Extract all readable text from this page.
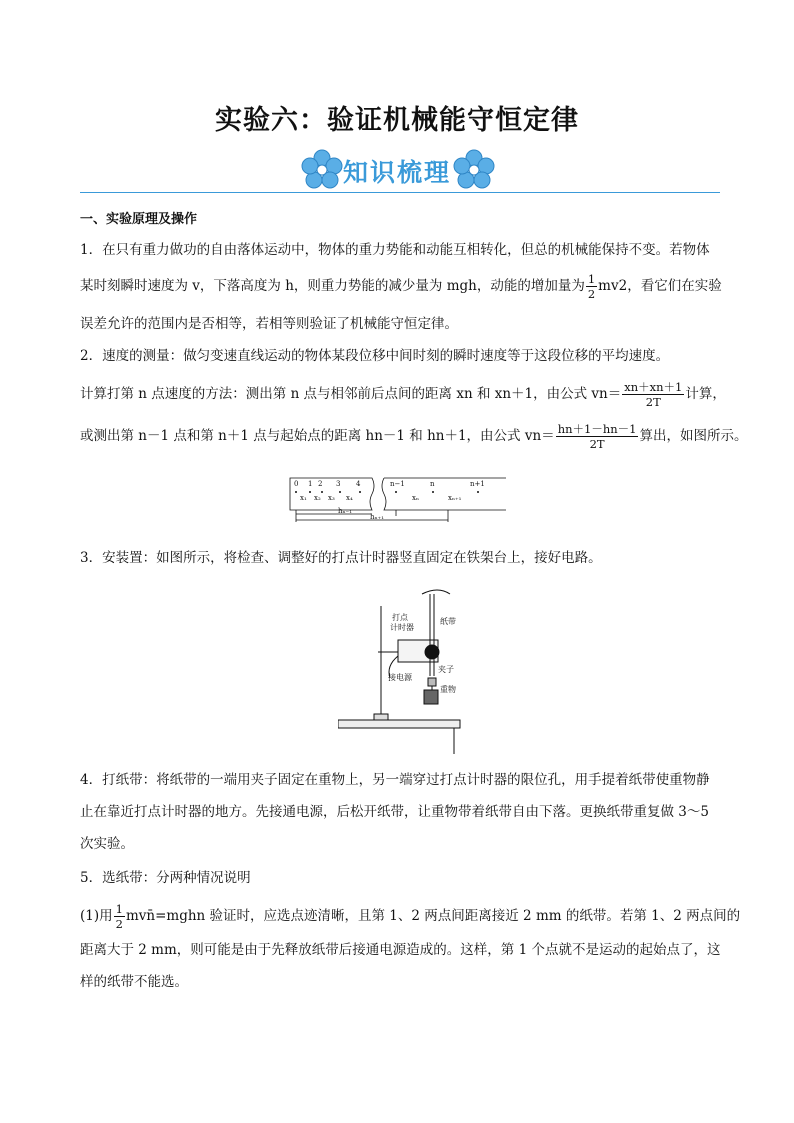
实验六：验证机械能守恒定律
知识梳理
一、实验原理及操作
1．在只有重力做功的自由落体运动中，物体的重力势能和动能互相转化，但总的机械能保持不变。若物体
某时刻瞬时速度为 v，下落高度为 h，则重力势能的减少量为 mgh，动能的增加量为 $\frac{1}{2} mv2$，看它们在实验
误差允许的范围内是否相等，若相等则验证了机械能守恒定律。
2．速度的测量：做匀变速直线运动的物体某段位移中间时刻的瞬时速度等于这段位移的平均速度。
计算打第 n 点速度的方法：测出第 n 点与相邻前后点间的距离 xn 和 xn＋1，由公式 $vn= \frac{xn+xn+1}{2T}$ 计算，
或测出第 n－1 点和第 n＋1 点与起始点的距离 hn－1 和 hn＋1，由公式 $vn= \frac{hn+1-hn-1}{2T}$ 算出，如图所示。
0 1 2 3 4
x₁ x₂ x₃ x₄
n−1	n	n+1
xₙ	xₙ₊₁
hₙ₋₁
hₙ₊₁
3．安装置：如图所示，将检查、调整好的打点计时器竖直固定在铁架台上，接好电路。
打点
计时器
纸带
夹子
接电源
重物
4．打纸带：将纸带的一端用夹子固定在重物上，另一端穿过打点计时器的限位孔，用手提着纸带使重物静
止在靠近打点计时器的地方。先接通电源，后松开纸带，让重物带着纸带自由下落。更换纸带重复做 3～5
次实验。
5．选纸带：分两种情况说明
(1)用 $\frac{1}{2}$ mvn̄=mghn 验证时，应选点迹清晰，且第 1、2 两点间距离接近 2 mm 的纸带。若第 1、2 两点间的
距离大于 2 mm，则可能是由于先释放纸带后接通电源造成的。这样，第 1 个点就不是运动的起始点了，这
样的纸带不能选。
